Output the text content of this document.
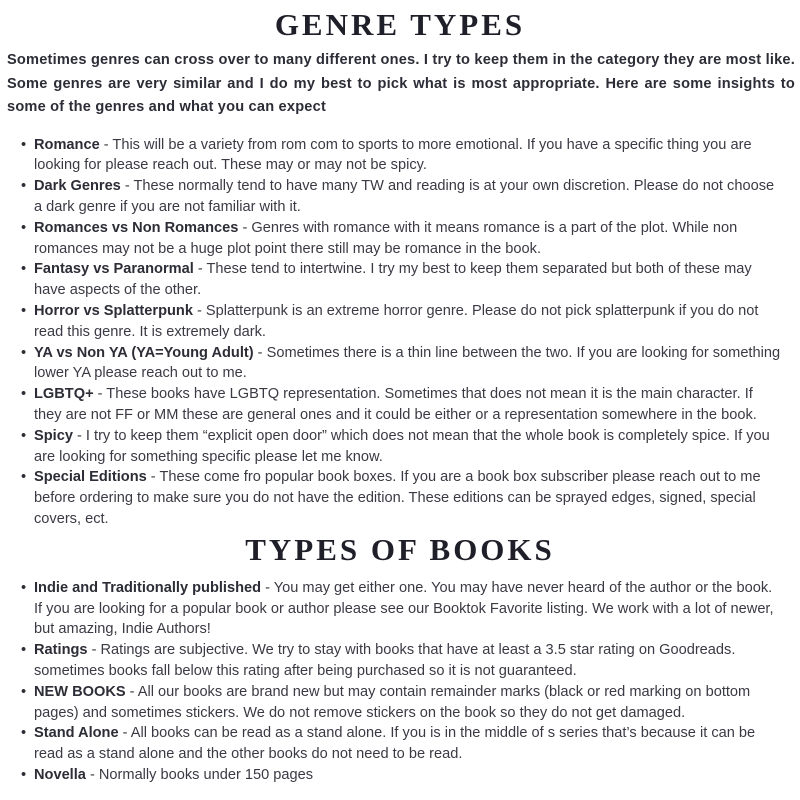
GENRE TYPES

Sometimes genres can cross over to many different ones. I try to keep them in the category they are most like. Some genres are very similar and I do my best to pick what is most appropriate. Here are some insights to some of the genres and what you can expect

• Romance - This will be a variety from rom com to sports to more emotional. If you have a specific thing you are looking for please reach out. These may or may not be spicy.
• Dark Genres - These normally tend to have many TW and reading is at your own discretion. Please do not choose a dark genre if you are not familiar with it.
• Romances vs Non Romances - Genres with romance with it means romance is a part of the plot. While non romances may not be a huge plot point there still may be romance in the book.
• Fantasy vs Paranormal - These tend to intertwine. I try my best to keep them separated but both of these may have aspects of the other.
• Horror vs Splatterpunk - Splatterpunk is an extreme horror genre. Please do not pick splatterpunk if you do not read this genre. It is extremely dark.
• YA vs Non YA (YA=Young Adult) - Sometimes there is a thin line between the two. If you are looking for something lower YA please reach out to me.
• LGBTQ+ - These books have LGBTQ representation. Sometimes that does not mean it is the main character. If they are not FF or MM these are general ones and it could be either or a representation somewhere in the book.
• Spicy - I try to keep them “explicit open door” which does not mean that the whole book is completely spice. If you are looking for something specific please let me know.
• Special Editions - These come fro popular book boxes. If you are a book box subscriber please reach out to me before ordering to make sure you do not have the edition. These editions can be sprayed edges, signed, special covers, ect.
TYPES OF BOOKS
• Indie and Traditionally published - You may get either one. You may have never heard of the author or the book. If you are looking for a popular book or author please see our Booktok Favorite listing. We work with a lot of newer, but amazing, Indie Authors!
• Ratings - Ratings are subjective. We try to stay with books that have at least a 3.5 star rating on Goodreads. sometimes books fall below this rating after being purchased so it is not guaranteed.
• NEW BOOKS - All our books are brand new but may contain remainder marks (black or red marking on bottom pages) and sometimes stickers. We do not remove stickers on the book so they do not get damaged.
• Stand Alone - All books can be read as a stand alone. If you is in the middle of s series that’s because it can be read as a stand alone and the other books do not need to be read.
• Novella - Normally books under 150 pages
